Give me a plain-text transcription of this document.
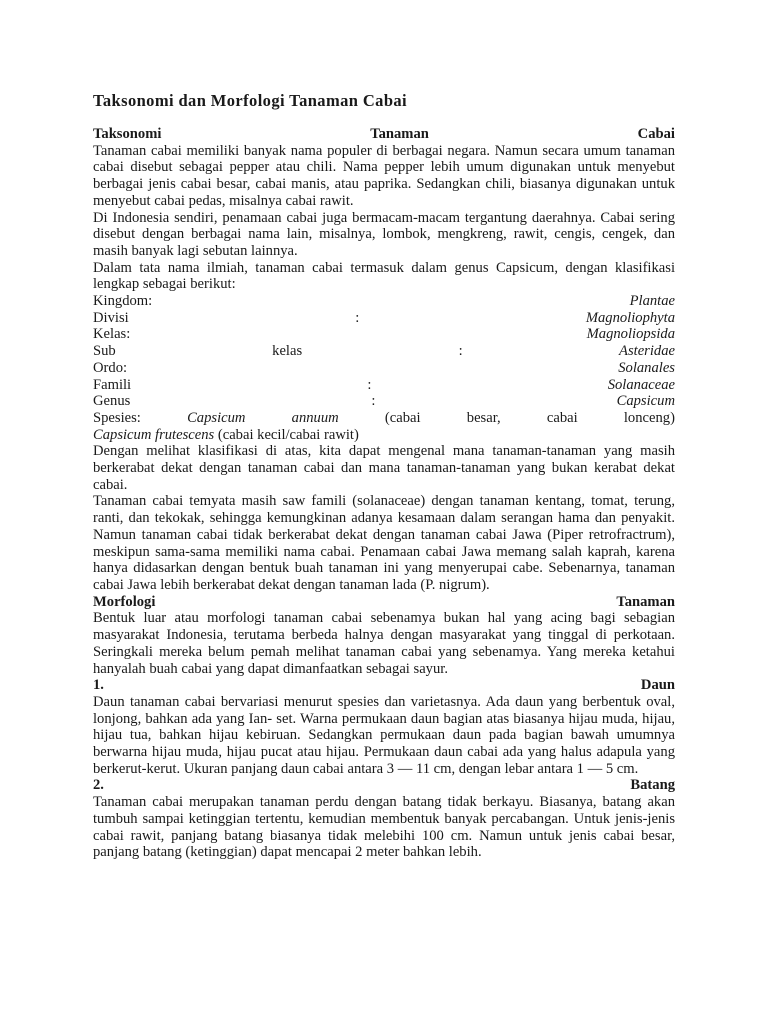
Taksonomi dan Morfologi Tanaman Cabai
Taksonomi	Tanaman	Cabai

Tanaman cabai memiliki banyak nama populer di berbagai negara. Namun secara umum tanaman cabai disebut sebagai pepper atau chili. Nama pepper lebih umum digunakan untuk menyebut berbagai jenis cabai besar, cabai manis, atau paprika. Sedangkan chili, biasanya digunakan untuk menyebut cabai pedas, misalnya cabai rawit.

Di Indonesia sendiri, penamaan cabai juga bermacam-macam tergantung daerahnya. Cabai sering disebut dengan berbagai nama lain, misalnya, lombok, mengkreng, rawit, cengis, cengek, dan masih banyak lagi sebutan lainnya.

Dalam tata nama ilmiah, tanaman cabai termasuk dalam genus Capsicum, dengan klasifikasi lengkap sebagai berikut:

Kingdom:	Plantae
Divisi	:	Magnoliophyta
Kelas:	Magnoliopsida
Sub	kelas	:	Asteridae
Ordo:	Solanales
Famili	:	Solanaceae
Genus	:	Capsicum
Spesies:	Capsicum	annuum	(cabai	besar,	cabai	lonceng)
Capsicum frutescens (cabai kecil/cabai rawit)

Dengan melihat klasifikasi di atas, kita dapat mengenal mana tanaman-tanaman yang masih berkerabat dekat dengan tanaman cabai dan mana tanaman-tanaman yang bukan kerabat dekat cabai.

Tanaman cabai temyata masih saw famili (solanaceae) dengan tanaman kentang, tomat, terung, ranti, dan tekokak, sehingga kemungkinan adanya kesamaan dalam serangan hama dan penyakit. Namun tanaman cabai tidak berkerabat dekat dengan tanaman cabai Jawa (Piper retrofractrum), meskipun sama-sama memiliki nama cabai. Penamaan cabai Jawa memang salah kaprah, karena hanya didasarkan dengan bentuk buah tanaman ini yang menyerupai cabe. Sebenarnya, tanaman cabai Jawa lebih berkerabat dekat dengan tanaman lada (P. nigrum).

Morfologi	Tanaman

Bentuk luar atau morfologi tanaman cabai sebenamya bukan hal yang acing bagi sebagian masyarakat Indonesia, terutama berbeda halnya dengan masyarakat yang tinggal di perkotaan. Seringkali mereka belum pemah melihat tanaman cabai yang sebenamya. Yang mereka ketahui hanyalah buah cabai yang dapat dimanfaatkan sebagai sayur.

1.	Daun

Daun tanaman cabai bervariasi menurut spesies dan varietasnya. Ada daun yang berbentuk oval, lonjong, bahkan ada yang Ian- set. Warna permukaan daun bagian atas biasanya hijau muda, hijau, hijau tua, bahkan hijau kebiruan. Sedangkan permukaan daun pada bagian bawah umumnya berwarna hijau muda, hijau pucat atau hijau. Permukaan daun cabai ada yang halus adapula yang berkerut-kerut. Ukuran panjang daun cabai antara 3 — 11 cm, dengan lebar antara 1 — 5 cm.

2.	Batang

Tanaman cabai merupakan tanaman perdu dengan batang tidak berkayu. Biasanya, batang akan tumbuh sampai ketinggian tertentu, kemudian membentuk banyak percabangan. Untuk jenis-jenis cabai rawit, panjang batang biasanya tidak melebihi 100 cm. Namun untuk jenis cabai besar, panjang batang (ketinggian) dapat mencapai 2 meter bahkan lebih.
